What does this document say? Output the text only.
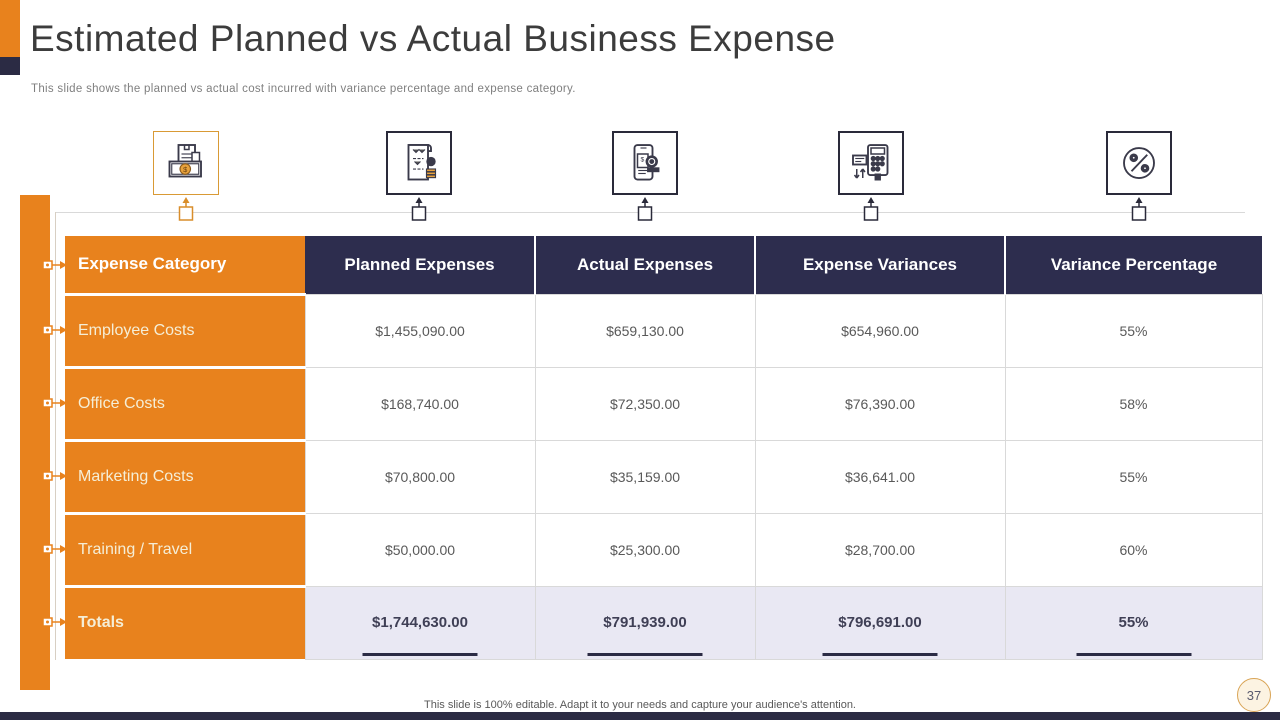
Estimated Planned vs Actual Business Expense
This slide shows the planned vs actual cost incurred with variance percentage and expense category.
$
$
Expense Category	Planned Expenses	Actual Expenses	Expense Variances	Variance Percentage
Employee Costs	$1,455,090.00	$659,130.00	$654,960.00	55%
Office Costs	$168,740.00	$72,350.00	$76,390.00	58%
Marketing Costs	$70,800.00	$35,159.00	$36,641.00	55%
Training / Travel	$50,000.00	$25,300.00	$28,700.00	60%
Totals	$1,744,630.00	$791,939.00	$796,691.00	55%
This slide is 100% editable. Adapt it to your needs and capture your audience's attention.
37
